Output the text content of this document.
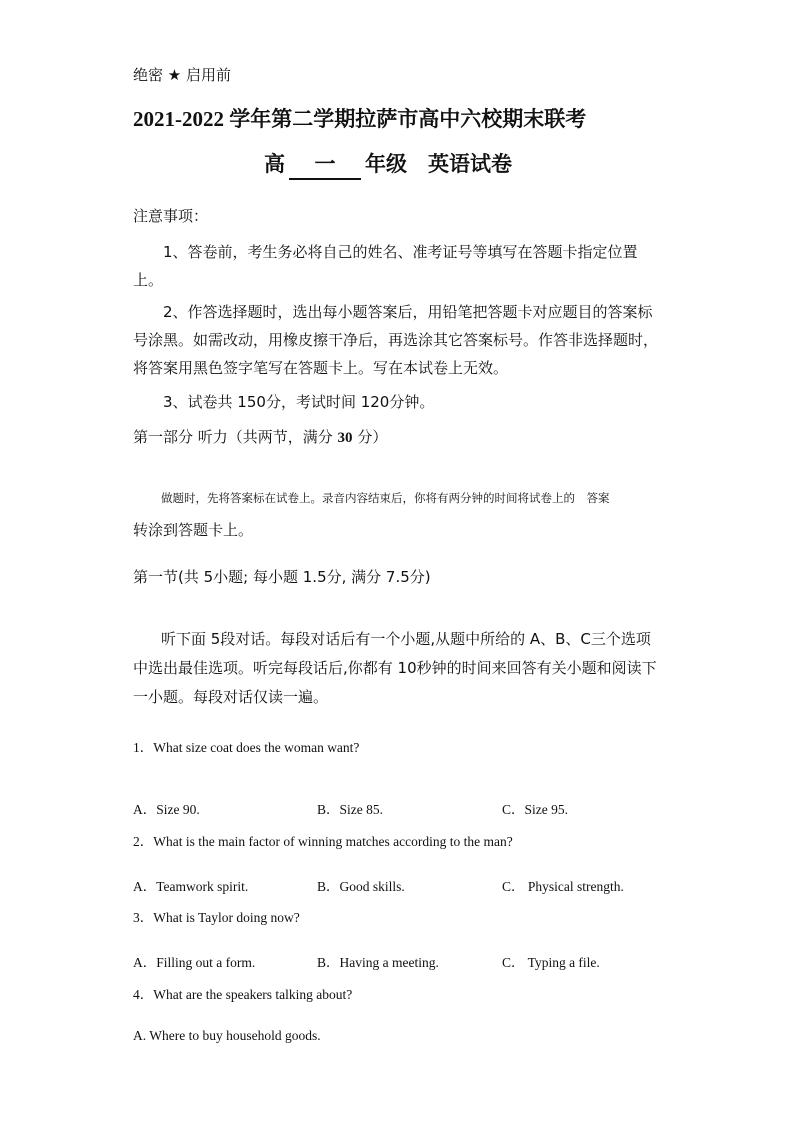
绝密 ★ 启用前
2021-2022 学年第二学期拉萨市高中六校期末联考
高 一 年级　英语试卷
注意事项：
1、答卷前，考生务必将自己的姓名、准考证号等填写在答题卡指定位置上。
2、作答选择题时，选出每小题答案后，用铅笔把答题卡对应题目的答案标号涂黑。如需改动，用橡皮擦干净后，再选涂其它答案标号。作答非选择题时，将答案用黑色签字笔写在答题卡上。写在本试卷上无效。
3、试卷共 150分，考试时间 120分钟。
第一部分 听力（共两节，满分 30 分）
做题时，先将答案标在试卷上。录音内容结束后，你将有两分钟的时间将试卷上的　答案
转涂到答题卡上。
第一节(共 5小题; 每小题 1.5分, 满分 7.5分)
听下面 5段对话。每段对话后有一个小题,从题中所给的 A、B、C三个选项中选出最佳选项。听完每段话后,你都有 10秒钟的时间来回答有关小题和阅读下一小题。每段对话仅读一遍。
1．What size coat does the woman want?
A．Size 90.	B．Size 85.	C．Size 95.
2．What is the main factor of winning matches according to the man?
A．Teamwork spirit.	B．Good skills.	C． Physical strength.
3．What is Taylor doing now?
A．Filling out a form.	B．Having a meeting.	C． Typing a file.
4．What are the speakers talking about?
A. Where to buy household goods.
